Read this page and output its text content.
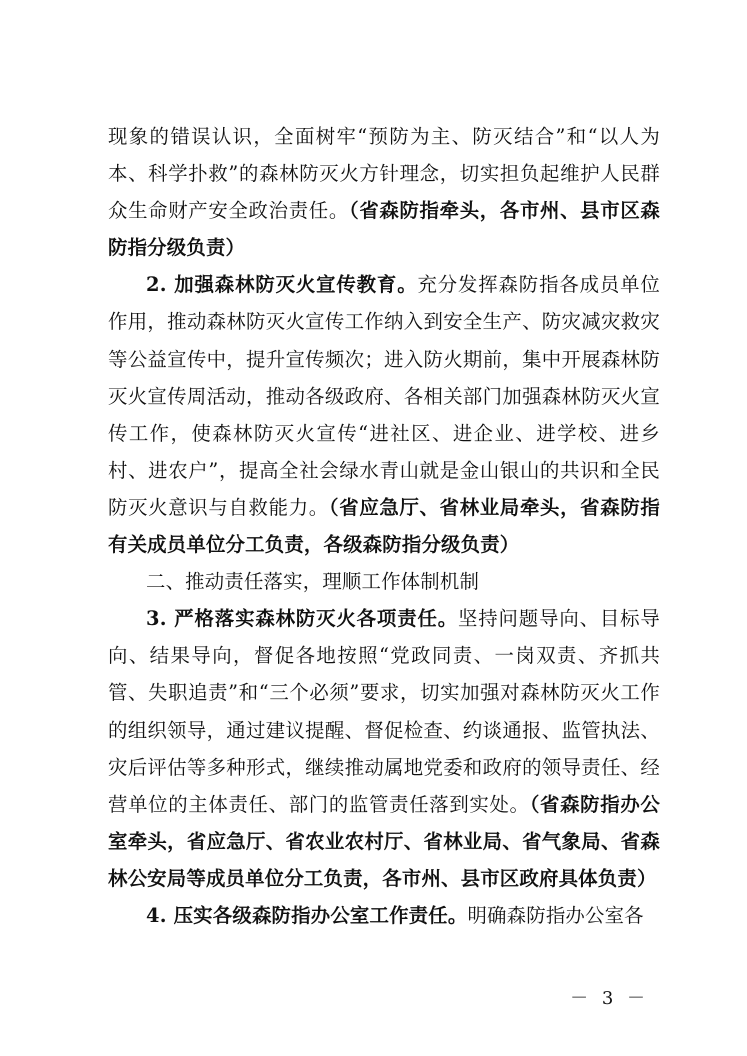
现象的错误认识，全面树牢“预防为主、防灭结合”和“以人为本、科学扑救”的森林防灭火方针理念，切实担负起维护人民群众生命财产安全政治责任。（省森防指牵头，各市州、县市区森防指分级负责）

2. 加强森林防灭火宣传教育。充分发挥森防指各成员单位作用，推动森林防灭火宣传工作纳入到安全生产、防灾减灾救灾等公益宣传中，提升宣传频次；进入防火期前，集中开展森林防灭火宣传周活动，推动各级政府、各相关部门加强森林防灭火宣传工作，使森林防灭火宣传“进社区、进企业、进学校、进乡村、进农户”，提高全社会绿水青山就是金山银山的共识和全民防灭火意识与自救能力。（省应急厅、省林业局牵头，省森防指有关成员单位分工负责，各级森防指分级负责）

二、推动责任落实，理顺工作体制机制

3. 严格落实森林防灭火各项责任。坚持问题导向、目标导向、结果导向，督促各地按照“党政同责、一岗双责、齐抓共管、失职追责”和“三个必须”要求，切实加强对森林防灭火工作的组织领导，通过建议提醒、督促检查、约谈通报、监管执法、灾后评估等多种形式，继续推动属地党委和政府的领导责任、经营单位的主体责任、部门的监管责任落到实处。（省森防指办公室牵头，省应急厅、省农业农村厅、省林业局、省气象局、省森林公安局等成员单位分工负责，各市州、县市区政府具体负责）

4. 压实各级森防指办公室工作责任。明确森防指办公室各

－ 3 －
